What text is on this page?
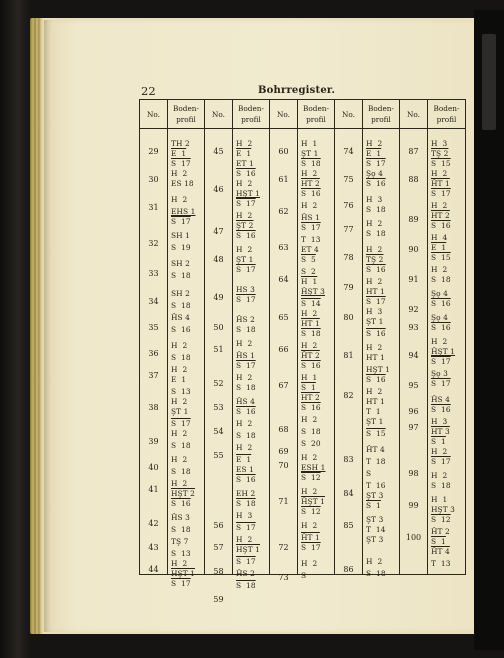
22	Bohrregister.
No.
29
30
31
32
33
34
35
36
37
38
39
40
41
42
43
44
Boden-
profil
TH 2
E  1
S  17
H  2
ES 18
H  2
EHS 1
S  17
SH 1
S  19
SH 2
S  18
SH 2
S  18
ĤS 4
S  16
H  2
S  18
H  2
E  1
S  13
H  2
ŞT 1
S  17
H  2
S  18
H  2
S  18
H  2
HŞT 2
S  16
ĤS 3
S  18
TŞ 7
S  13
H  2
HŞT 1
S  17
No.
45
46
47
48
49
50
51
52
53
54
55
56
57
58
59
Boden-
profil
H  2
E  1
ET 1
S  16
H  2
HŞT 1
S  17
H  2
ŞT 2
S  16
H  2
ŞT 1
S  17
HS 3
S  17
ĤS 2
S  18
H  2
ĤS 1
S  17
H  2
S  18
ĤS 4
S  16
H  2
S  18
H  2
E  1
ES 1
S  16
EH 2
S  18
H  3
S  17
H  2
HŞT 1
S  17
ĤS 2
S  18
No.
60
61
62
63
64
65
66
67
68
69
70
71
72
73
Boden-
profil
H  1
ŞT 1
S  18
H  2
HT 2
S  16
H  2
ĤS 1
S  17
T  13
ET 4
S  5
S  2
H  1
ĤŞT 3
S  14
H  2
HT 1
S  18
H  2
ĤT 2
S  16
H  1
S  1
HT 2
S  16
H  2
S  18
S  20
H  2
ESH 1
S  12
H  2
ĤŞT 1
S  12
H  2
ĤT 1
S  17
H  2
S
No.
74
75
76
77
78
79
80
81
82
83
84
85
86
Boden-
profil
H  2
E  1
S  17
Şǫ 4
S  16
H  3
S  18
H  2
S  18
H  2
TŞ 2
S  16
H  2
HT 1
S  17
H  3
ŞT 1
S  16
H  2
HT 1
HŞT 1
S  16
H  2
HT 1
T  1
ŞT 1
S  15
ĤT 4
T  18
S
T  16
ŞT 3
S  1
ŞT 3
T  14
ŞT 3
H  2
S  18
No.
87
88
89
90
91
92
93
94
95
96
97
98
99
100
Boden-
profil
H  3
TŞ 2
S  15
H  2
ĤT 1
S  17
H  2
HT 2
S  16
H  4
E  1
S  15
H  2
S  18
Şǫ 4
S  16
Şǫ 4
S  16
H  2
ĤŞT 1
S  17
Şǫ 3
S  17
ĤS 4
S  16
H  3
HT 3
S  1
H  2
S  17
H  2
S  18
H  1
HŞT 3
S  12
ĤT 2
S  1
ĤT 4
T  13
